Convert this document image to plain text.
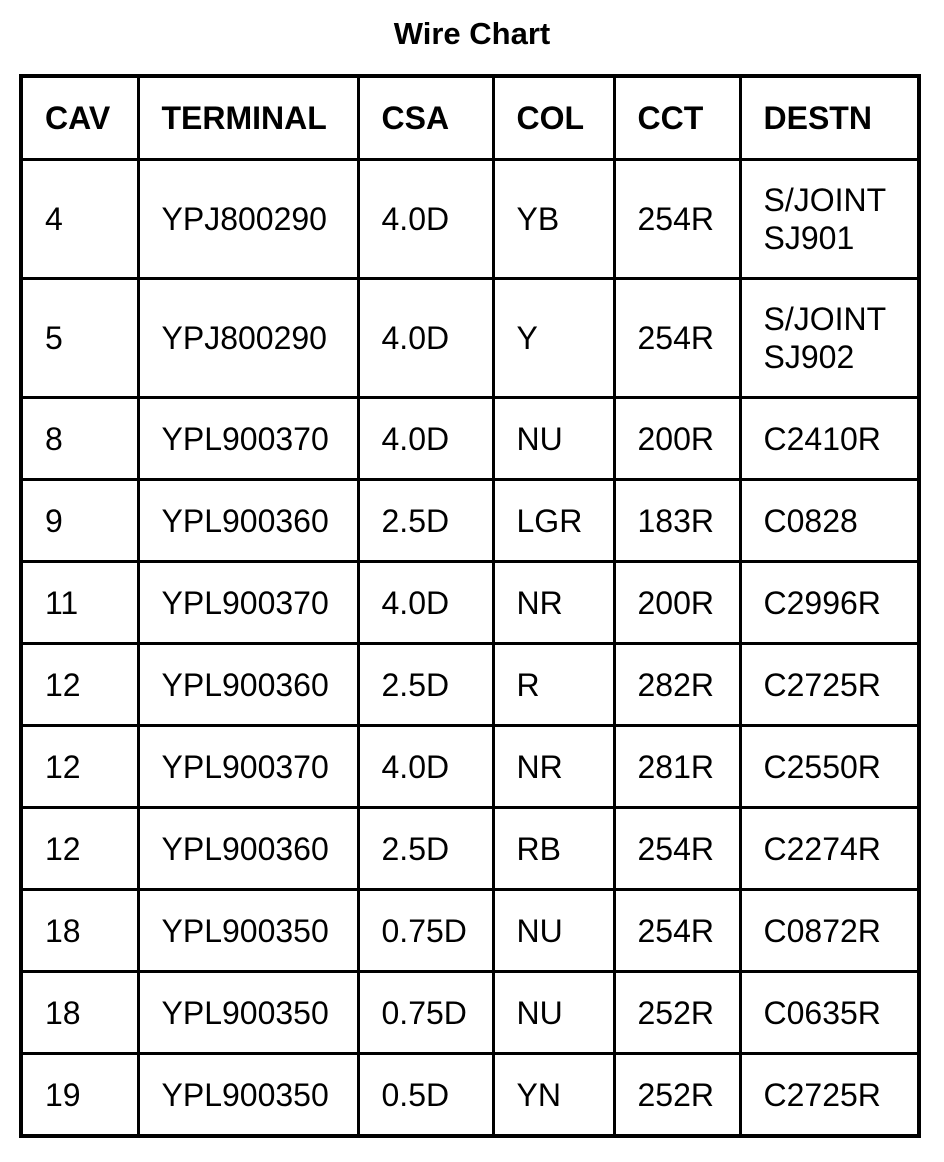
Wire Chart
CAV	TERMINAL	CSA	COL	CCT	DESTN
4	YPJ800290	4.0D	YB	254R	S/JOINT
SJ901

5	YPJ800290	4.0D	Y	254R	S/JOINT
SJ902

8	YPL900370	4.0D	NU	200R	C2410R
9	YPL900360	2.5D	LGR	183R	C0828
11	YPL900370	4.0D	NR	200R	C2996R
12	YPL900360	2.5D	R	282R	C2725R
12	YPL900370	4.0D	NR	281R	C2550R
12	YPL900360	2.5D	RB	254R	C2274R
18	YPL900350	0.75D	NU	254R	C0872R
18	YPL900350	0.75D	NU	252R	C0635R
19	YPL900350	0.5D	YN	252R	C2725R
